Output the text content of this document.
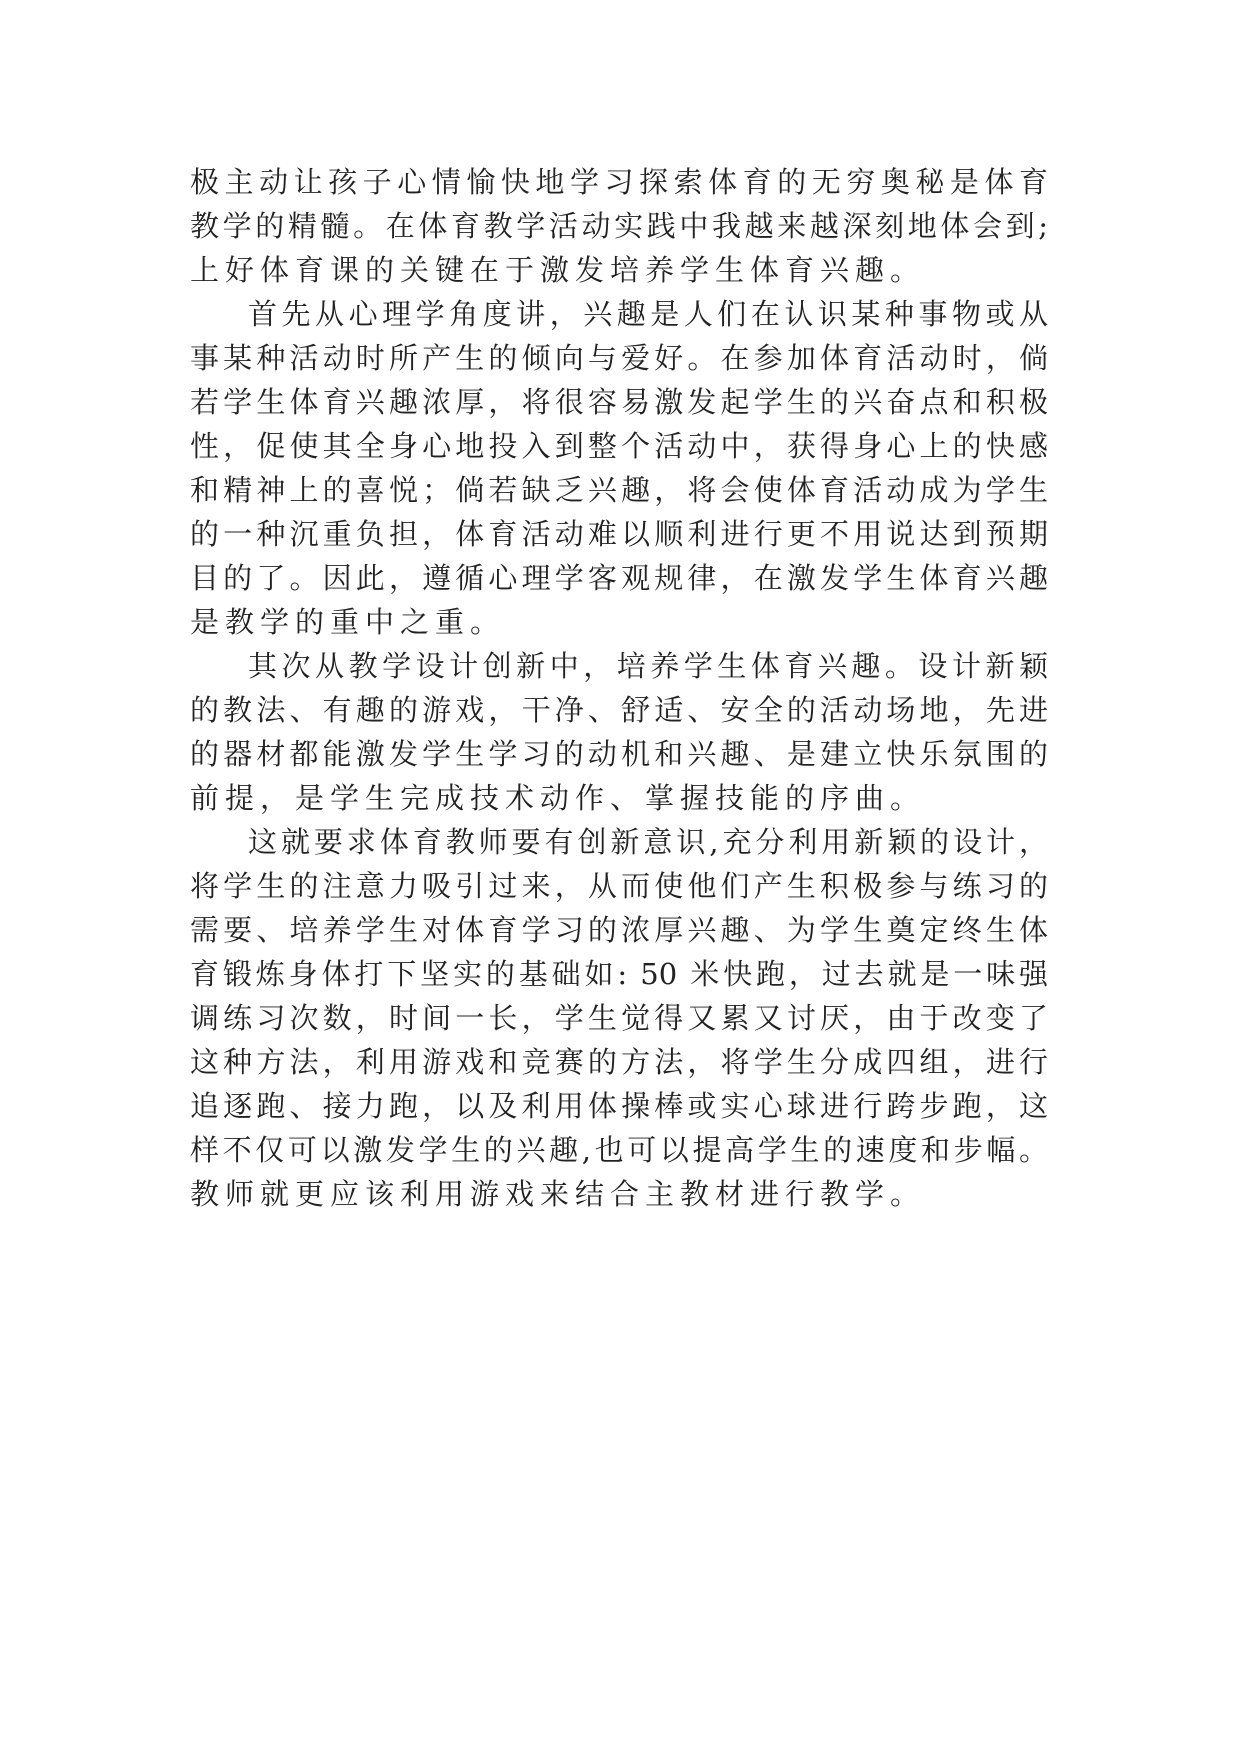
极主动让孩子心情愉快地学习探索体育的无穷奥秘是体育
教学的精髓。在体育教学活动实践中我越来越深刻地体会到;
上好体育课的关键在于激发培养学生体育兴趣。
首先从心理学角度讲，兴趣是人们在认识某种事物或从
事某种活动时所产生的倾向与爱好。在参加体育活动时，倘
若学生体育兴趣浓厚，将很容易激发起学生的兴奋点和积极
性，促使其全身心地投入到整个活动中，获得身心上的快感
和精神上的喜悦；倘若缺乏兴趣，将会使体育活动成为学生
的一种沉重负担，体育活动难以顺利进行更不用说达到预期
目的了。因此，遵循心理学客观规律，在激发学生体育兴趣
是教学的重中之重。
其次从教学设计创新中，培养学生体育兴趣。设计新颖
的教法、有趣的游戏，干净、舒适、安全的活动场地，先进
的器材都能激发学生学习的动机和兴趣、是建立快乐氛围的
前提，是学生完成技术动作、掌握技能的序曲。
这就要求体育教师要有创新意识,充分利用新颖的设计，
将学生的注意力吸引过来，从而使他们产生积极参与练习的
需要、培养学生对体育学习的浓厚兴趣、为学生奠定终生体
育锻炼身体打下坚实的基础如: 50 米快跑，过去就是一味强
调练习次数，时间一长，学生觉得又累又讨厌，由于改变了
这种方法，利用游戏和竞赛的方法，将学生分成四组，进行
追逐跑、接力跑，以及利用体操棒或实心球进行跨步跑，这
样不仅可以激发学生的兴趣,也可以提高学生的速度和步幅。
教师就更应该利用游戏来结合主教材进行教学。
